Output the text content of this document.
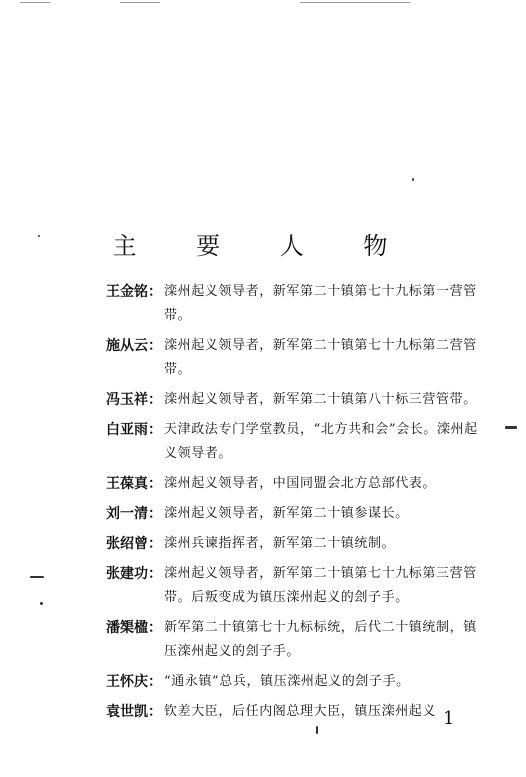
主 要 人 物
王金铭： 滦州起义领导者，新军第二十镇第七十九标第一营管带。
施从云： 滦州起义领导者，新军第二十镇第七十九标第二营管带。
冯玉祥： 滦州起义领导者，新军第二十镇第八十标三营管带。
白亚雨： 天津政法专门学堂教员，“北方共和会”会长。滦州起义领导者。
王葆真： 滦州起义领导者，中国同盟会北方总部代表。
刘一清： 滦州起义领导者，新军第二十镇参谋长。
张绍曾： 滦州兵谏指挥者，新军第二十镇统制。
张建功： 滦州起义领导者，新军第二十镇第七十九标第三营管带。后叛变成为镇压滦州起义的刽子手。
潘榘楹： 新军第二十镇第七十九标标统，后代二十镇统制，镇压滦州起义的刽子手。
王怀庆： “通永镇”总兵，镇压滦州起义的刽子手。
袁世凯： 钦差大臣，后任内阁总理大臣，镇压滦州起义 1
